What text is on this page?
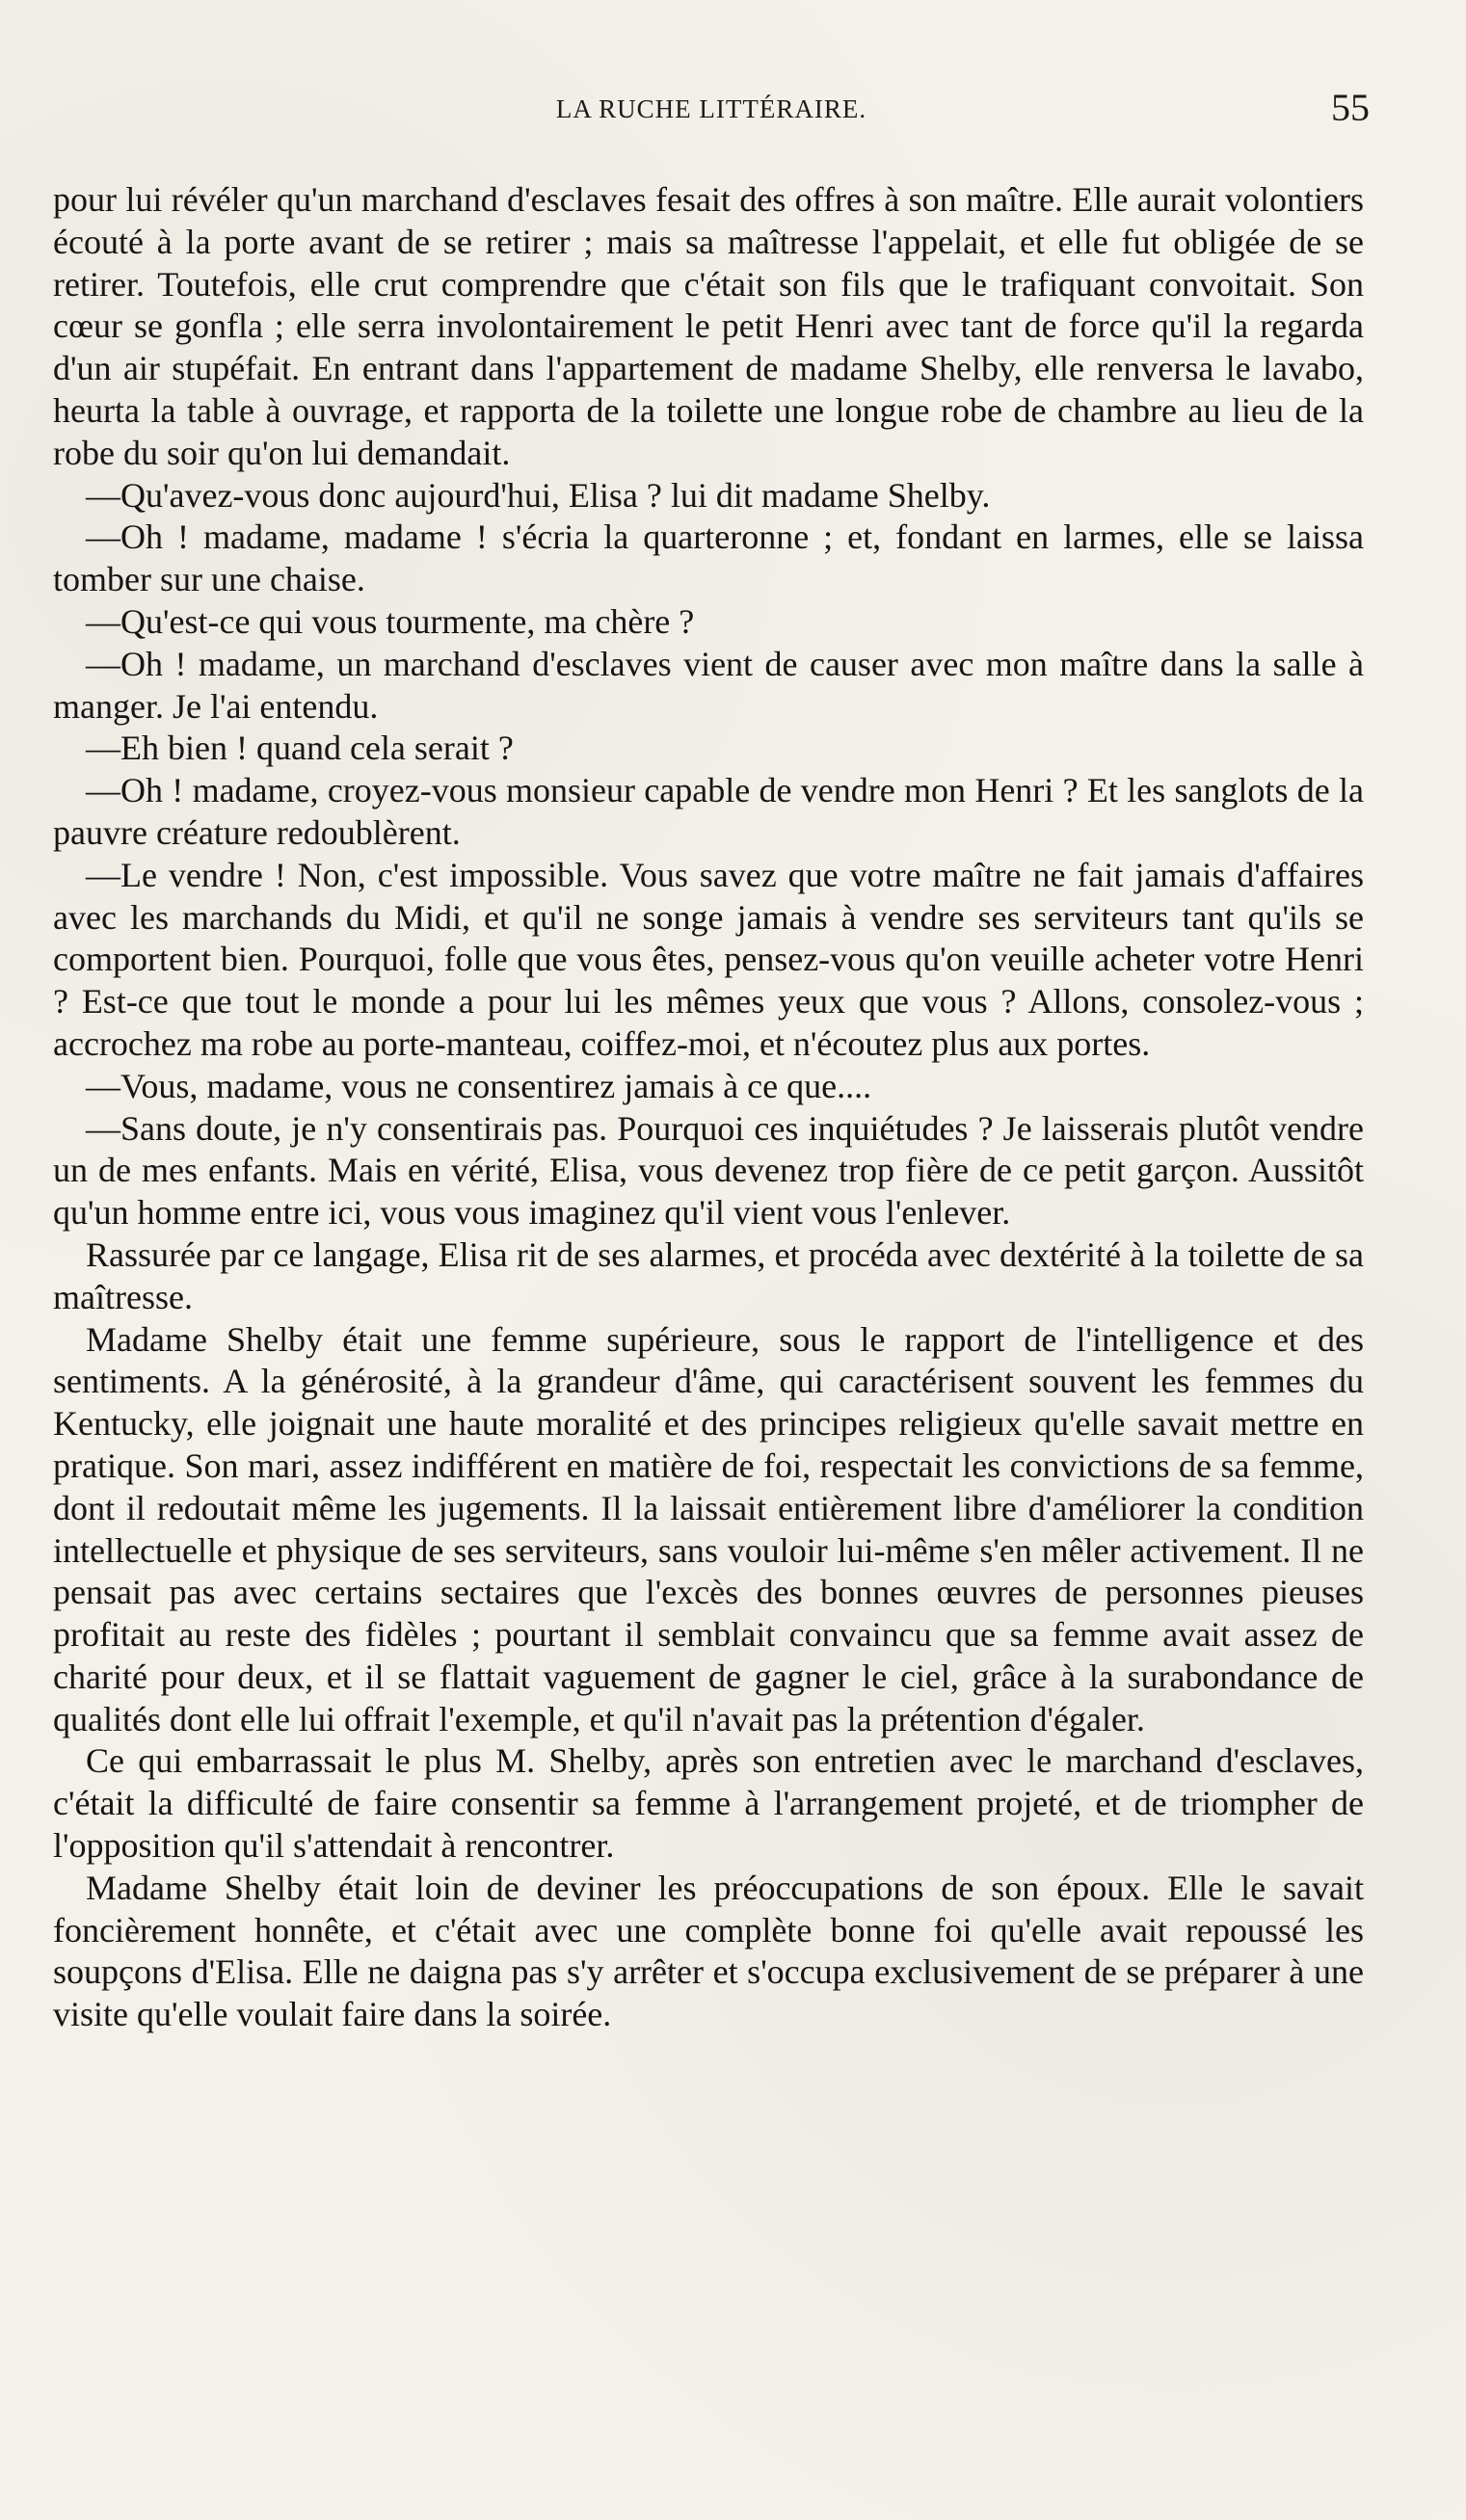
LA RUCHE LITTÉRAIRE.	55

pour lui révéler qu'un marchand d'esclaves fesait des offres à son maître. Elle aurait volontiers écouté à la porte avant de se retirer ; mais sa maîtresse l'appelait, et elle fut obligée de se retirer. Toutefois, elle crut comprendre que c'était son fils que le trafiquant convoitait. Son cœur se gonfla ; elle serra involontairement le petit Henri avec tant de force qu'il la regarda d'un air stupéfait. En entrant dans l'appartement de madame Shelby, elle renversa le lavabo, heurta la table à ouvrage, et rapporta de la toilette une longue robe de chambre au lieu de la robe du soir qu'on lui demandait.

—Qu'avez-vous donc aujourd'hui, Elisa ? lui dit madame Shelby.

—Oh ! madame, madame ! s'écria la quarteronne ; et, fondant en larmes, elle se laissa tomber sur une chaise.

—Qu'est-ce qui vous tourmente, ma chère ?

—Oh ! madame, un marchand d'esclaves vient de causer avec mon maître dans la salle à manger. Je l'ai entendu.

—Eh bien ! quand cela serait ?

—Oh ! madame, croyez-vous monsieur capable de vendre mon Henri ? Et les sanglots de la pauvre créature redoublèrent.

—Le vendre ! Non, c'est impossible. Vous savez que votre maître ne fait jamais d'affaires avec les marchands du Midi, et qu'il ne songe jamais à vendre ses serviteurs tant qu'ils se comportent bien. Pourquoi, folle que vous êtes, pensez-vous qu'on veuille acheter votre Henri ? Est-ce que tout le monde a pour lui les mêmes yeux que vous ? Allons, consolez-vous ; accrochez ma robe au porte-manteau, coiffez-moi, et n'écoutez plus aux portes.

—Vous, madame, vous ne consentirez jamais à ce que....

—Sans doute, je n'y consentirais pas. Pourquoi ces inquiétudes ? Je laisserais plutôt vendre un de mes enfants. Mais en vérité, Elisa, vous devenez trop fière de ce petit garçon. Aussitôt qu'un homme entre ici, vous vous imaginez qu'il vient vous l'enlever.

Rassurée par ce langage, Elisa rit de ses alarmes, et procéda avec dextérité à la toilette de sa maîtresse.

Madame Shelby était une femme supérieure, sous le rapport de l'intelligence et des sentiments. A la générosité, à la grandeur d'âme, qui caractérisent souvent les femmes du Kentucky, elle joignait une haute moralité et des principes religieux qu'elle savait mettre en pratique. Son mari, assez indifférent en matière de foi, respectait les convictions de sa femme, dont il redoutait même les jugements. Il la laissait entièrement libre d'améliorer la condition intellectuelle et physique de ses serviteurs, sans vouloir lui-même s'en mêler activement. Il ne pensait pas avec certains sectaires que l'excès des bonnes œuvres de personnes pieuses profitait au reste des fidèles ; pourtant il semblait convaincu que sa femme avait assez de charité pour deux, et il se flattait vaguement de gagner le ciel, grâce à la surabondance de qualités dont elle lui offrait l'exemple, et qu'il n'avait pas la prétention d'égaler.

Ce qui embarrassait le plus M. Shelby, après son entretien avec le marchand d'esclaves, c'était la difficulté de faire consentir sa femme à l'arrangement projeté, et de triompher de l'opposition qu'il s'attendait à rencontrer.

Madame Shelby était loin de deviner les préoccupations de son époux. Elle le savait foncièrement honnête, et c'était avec une complète bonne foi qu'elle avait repoussé les soupçons d'Elisa. Elle ne daigna pas s'y arrêter et s'occupa exclusivement de se préparer à une visite qu'elle voulait faire dans la soirée.
